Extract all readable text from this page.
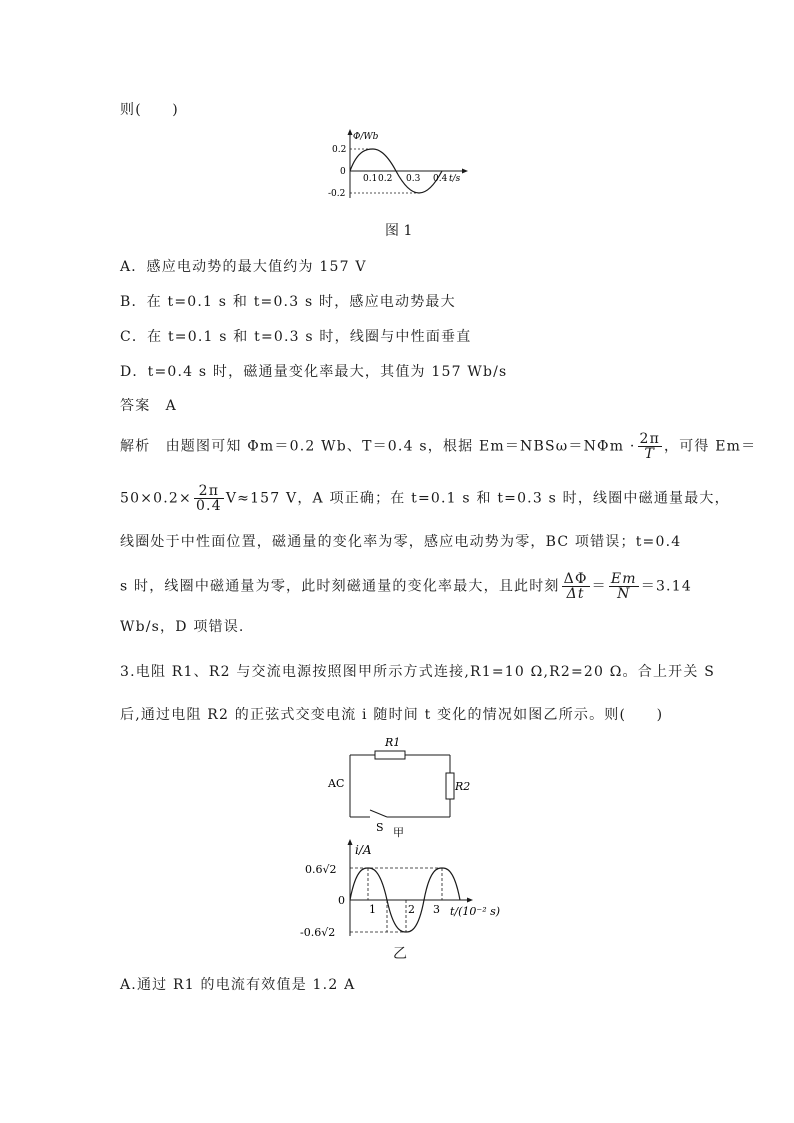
则(　　)
Φ/Wb
0.2
0
-0.2
0.1 0.2 0.3 0.4 t/s
图 1
A．感应电动势的最大值约为 157 V
B．在 t=0.1 s 和 t=0.3 s 时，感应电动势最大
C．在 t=0.1 s 和 t=0.3 s 时，线圈与中性面垂直
D．t=0.4 s 时，磁通量变化率最大，其值为 157 Wb/s
答案　A
解析　由题图可知 Φm＝0.2 Wb、T＝0.4 s，根据 $Em=NBS\omega=N\Phi m \cdot \frac{2\pi}{T}$ ，可得 Em＝
$50\times 0.2\times \frac{2\pi}{0.4} V\approx 157$ V，A 项正确；在 t=0.1 s 和 t=0.3 s 时，线圈中磁通量最大，
线圈处于中性面位置，磁通量的变化率为零，感应电动势为零，BC 项错误；t=0.4
s 时，线圈中磁通量为零，此时刻磁通量的变化率最大，且此时刻 $\frac{\Delta\Phi}{\Delta t} = \frac{Em}{N} =3.14$
Wb/s，D 项错误.
3.电阻 R1、R2 与交流电源按照图甲所示方式连接,R1=10 Ω,R2=20 Ω。合上开关 S
后,通过电阻 R2 的正弦式交变电流 i 随时间 t 变化的情况如图乙所示。则(　　)
R1
R2
AC
S 甲
i/A
0.6√2
0
-0.6√2
1	2 3 t/(10⁻² s)
乙
A.通过 R1 的电流有效值是 1.2 A
